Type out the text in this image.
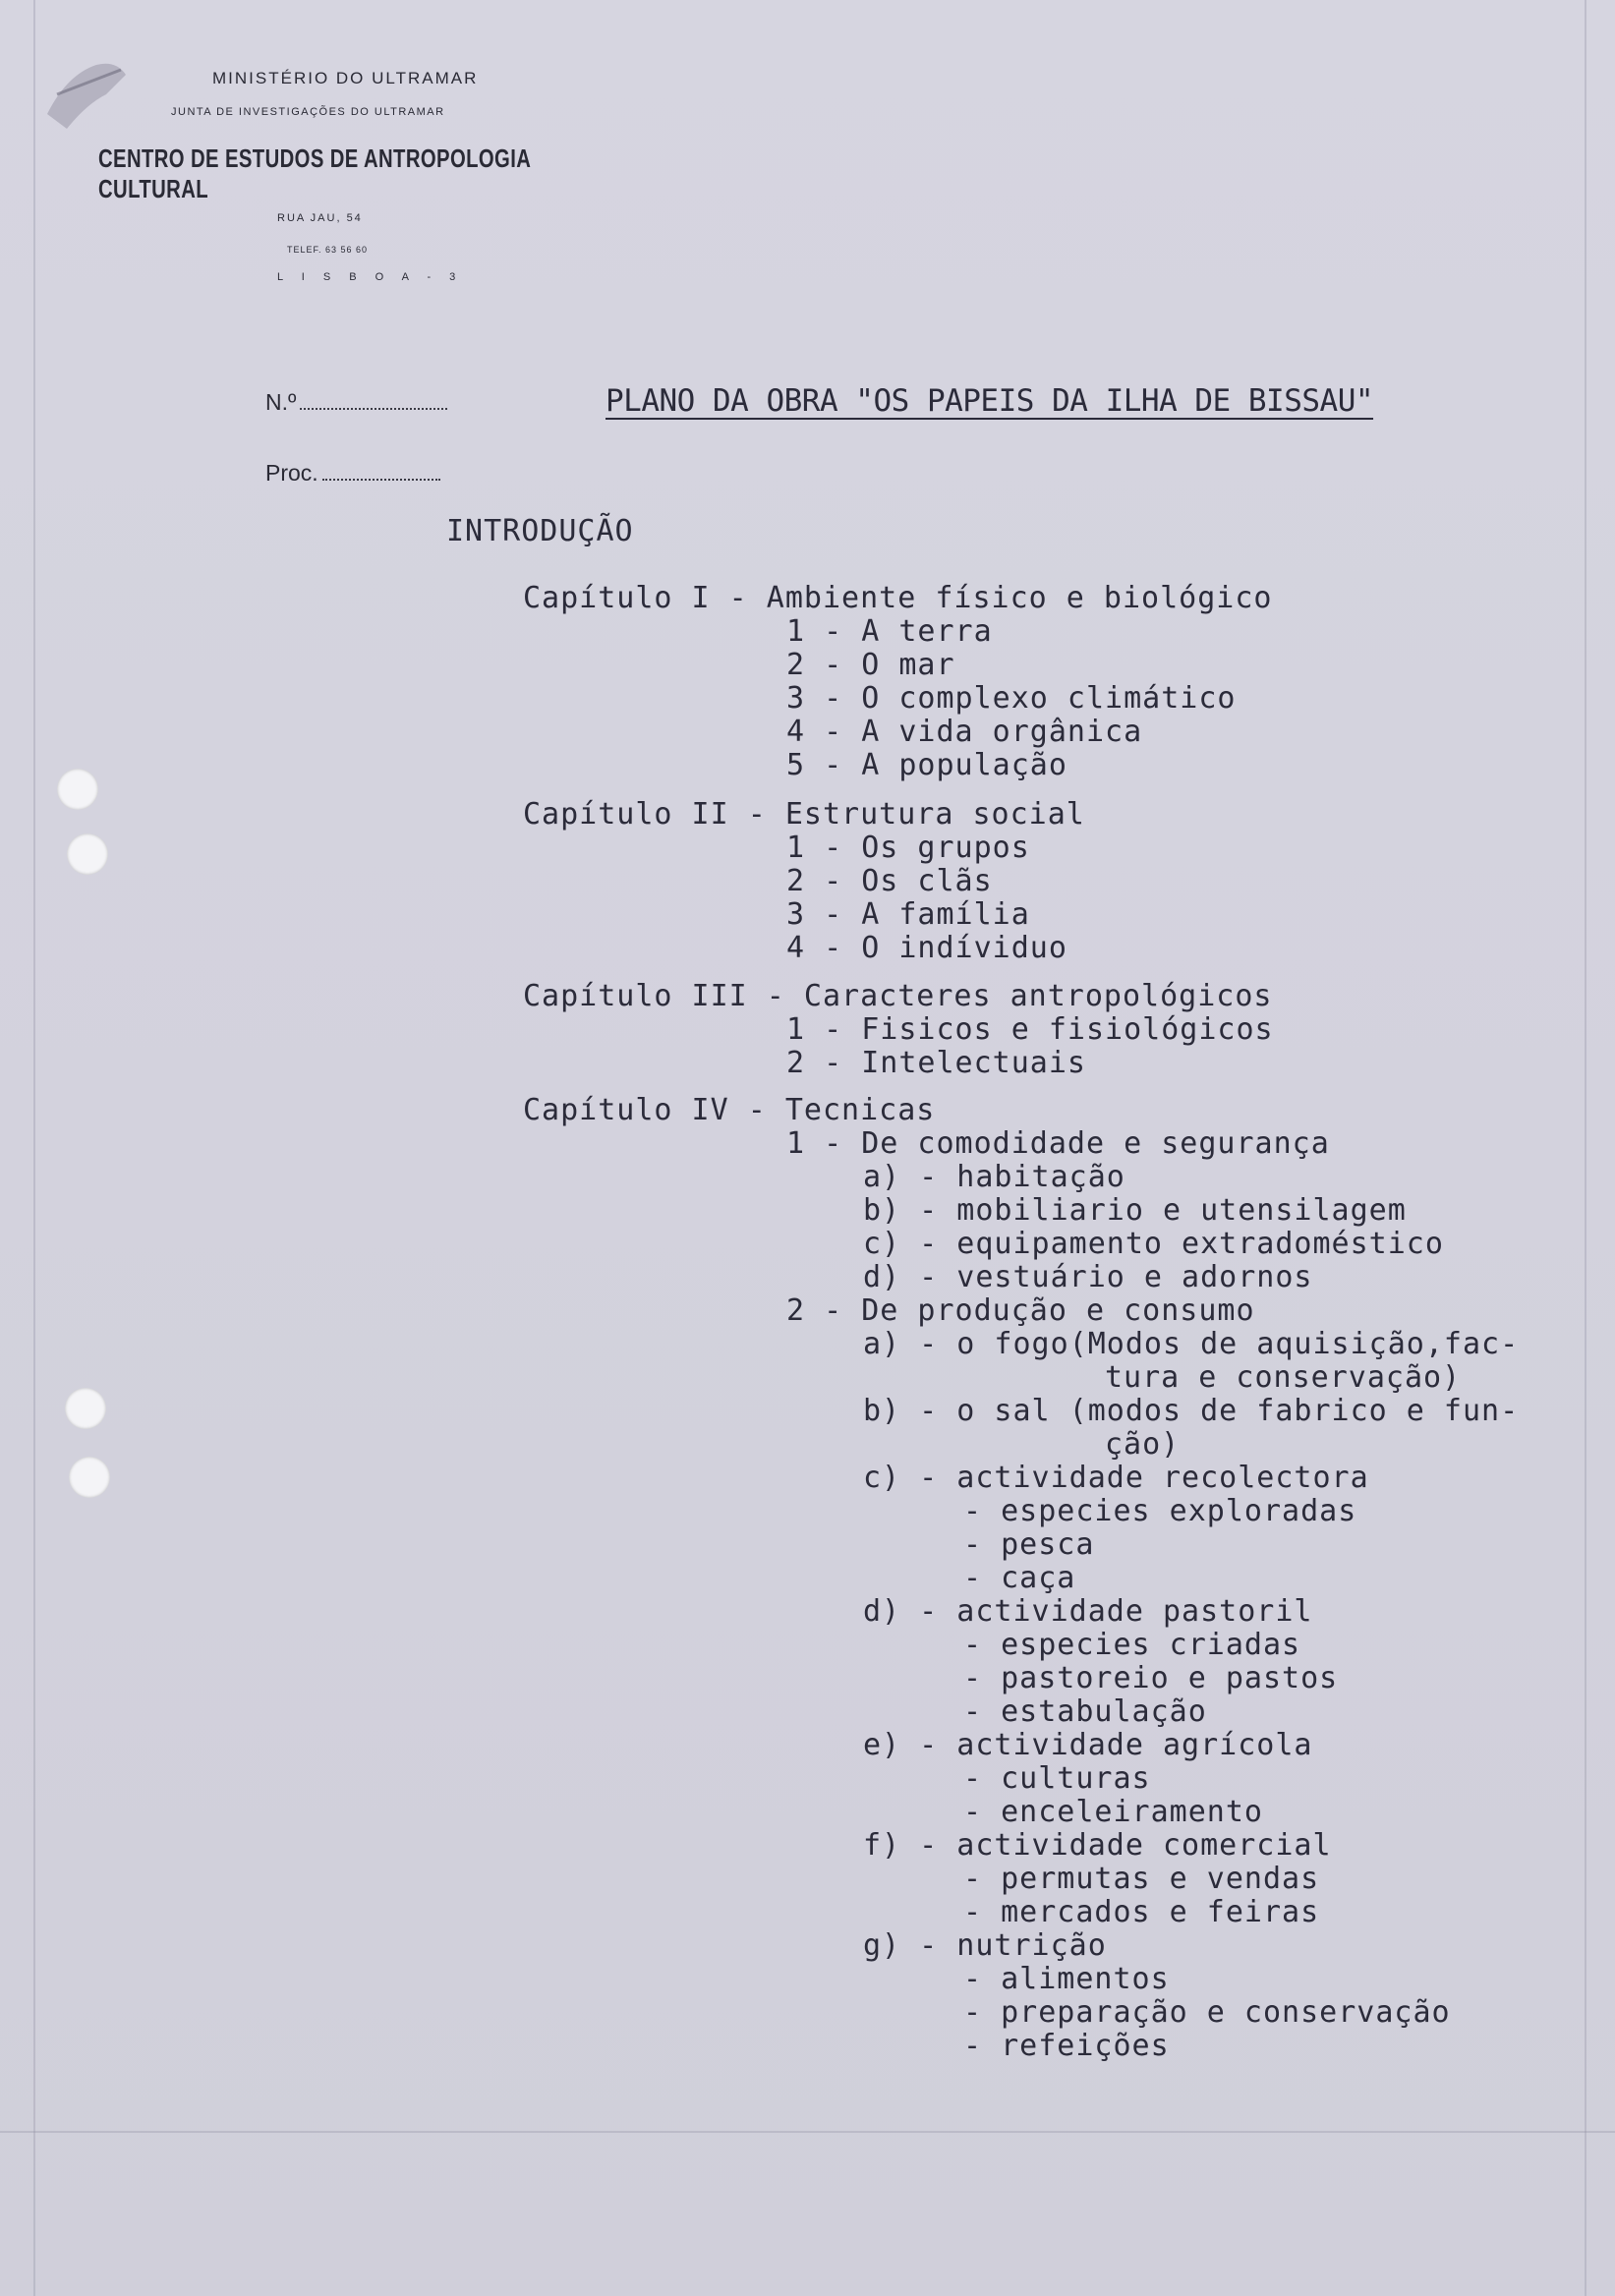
MINISTÉRIO DO ULTRAMAR
JUNTA DE INVESTIGAÇÕES DO ULTRAMAR
CENTRO DE ESTUDOS DE ANTROPOLOGIA CULTURAL
RUA JAU, 54
TELEF. 63 56 60
L I S B O A - 3
N.º
Proc.
PLANO DA OBRA "OS PAPEIS DA ILHA DE BISSAU"
INTRODUÇÃO
Capítulo I - Ambiente físico e biológico
1 - A terra
2 - O mar
3 - O complexo climático
4 - A vida orgânica
5 - A população
Capítulo II - Estrutura social
1 - Os grupos
2 - Os clãs
3 - A família
4 - O indíviduo
Capítulo III - Caracteres antropológicos
1 - Fisicos e fisiológicos
2 - Intelectuais
Capítulo IV - Tecnicas
1 - De comodidade e segurança
a) - habitação
b) - mobiliario e utensilagem
c) - equipamento extradoméstico
d) - vestuário e adornos
2 - De produção e consumo
a) - o fogo(Modos de aquisição,fac-
tura e conservação)
b) - o sal (modos de fabrico e fun-
ção)
c) - actividade recolectora
- especies exploradas
- pesca
- caça
d) - actividade pastoril
- especies criadas
- pastoreio e pastos
- estabulação
e) - actividade agrícola
- culturas
- enceleiramento
f) - actividade comercial
- permutas e vendas
- mercados e feiras
g) - nutrição
- alimentos
- preparação e conservação
- refeições
